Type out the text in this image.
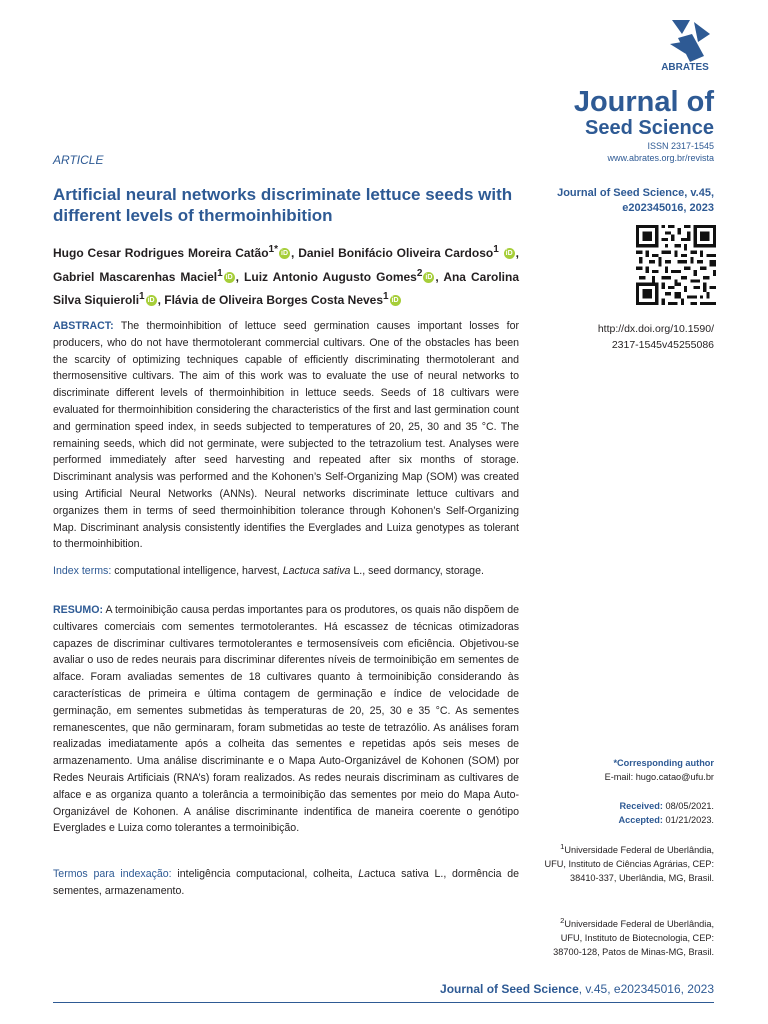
ABRATES
Journal of
Seed Science
ISSN 2317-1545
www.abrates.org.br/revista
ARTICLE
Artificial neural networks discriminate lettuce seeds with different levels of thermoinhibition
Hugo Cesar Rodrigues Moreira Catão$^{1*}$ iD , Daniel Bonifácio Oliveira Cardoso$^1$ iD , Gabriel Mascarenhas Maciel$^1$ iD , Luiz Antonio Augusto Gomes$^2$ iD , Ana Carolina Silva Siquieroli$^1$ iD , Flávia de Oliveira Borges Costa Neves$^1$ iD
Journal of Seed Science, v.45,
e202345016, 2023
http://dx.doi.org/10.1590/
2317-1545v45255086
ABSTRACT: The thermoinhibition of lettuce seed germination causes important losses for producers, who do not have thermotolerant commercial cultivars. One of the obstacles has been the scarcity of optimizing techniques capable of efficiently discriminating thermotolerant and thermosensitive cultivars. The aim of this work was to evaluate the use of neural networks to discriminate different levels of thermoinhibition in lettuce seeds. Seeds of 18 cultivars were evaluated for thermoinhibition considering the characteristics of the first and last germination count and germination speed index, in seeds subjected to temperatures of 20, 25, 30 and 35 °C. The remaining seeds, which did not germinate, were subjected to the tetrazolium test. Analyses were performed immediately after seed harvesting and repeated after six months of storage. Discriminant analysis was performed and the Kohonen’s Self-Organizing Map (SOM) was created using Artificial Neural Networks (ANNs). Neural networks discriminate lettuce cultivars and organizes them in terms of seed thermoinhibition tolerance through Kohonen’s Self-Organizing Map. Discriminant analysis consistently identifies the Everglades and Luiza genotypes as tolerant to thermoinhibition.
Index terms: computational intelligence, harvest, Lactuca sativa L., seed dormancy, storage.
RESUMO: A termoinibição causa perdas importantes para os produtores, os quais não dispõem de cultivares comerciais com sementes termotolerantes. Há escassez de técnicas otimizadoras capazes de discriminar cultivares termotolerantes e termosensíveis com eficiência. Objetivou-se avaliar o uso de redes neurais para discriminar diferentes níveis de termoinibição em sementes de alface. Foram avaliadas sementes de 18 cultivares quanto à termoinibição considerando às características de primeira e última contagem de germinação e índice de velocidade de germinação, em sementes submetidas às temperaturas de 20, 25, 30 e 35 °C. As sementes remanescentes, que não germinaram, foram submetidas ao teste de tetrazólio. As análises foram realizadas imediatamente após a colheita das sementes e repetidas após seis meses de armazenamento. Uma análise discriminante e o Mapa Auto-Organizável de Kohonen (SOM) por Redes Neurais Artificiais (RNA’s) foram realizados. As redes neurais discriminam as cultivares de alface e as organiza quanto a tolerância a termoinibição das sementes por meio do Mapa Auto-Organizável de Kohonen. A análise discriminante indentifica de maneira coerente o genótipo Everglades e Luiza como tolerantes a termoinibição.
Termos para indexação: inteligência computacional, colheita, Lactuca sativa L., dormência de sementes, armazenamento.
*Corresponding author
E-mail: hugo.catao@ufu.br
Received: 08/05/2021.
Accepted: 01/21/2023.
$^1$Universidade Federal de Uberlândia, UFU, Instituto de Ciências Agrárias, CEP: 38410-337, Uberlândia, MG, Brasil.
$^2$Universidade Federal de Uberlândia, UFU, Instituto de Biotecnologia, CEP: 38700-128, Patos de Minas-MG, Brasil.
Journal of Seed Science, v.45, e202345016, 2023
